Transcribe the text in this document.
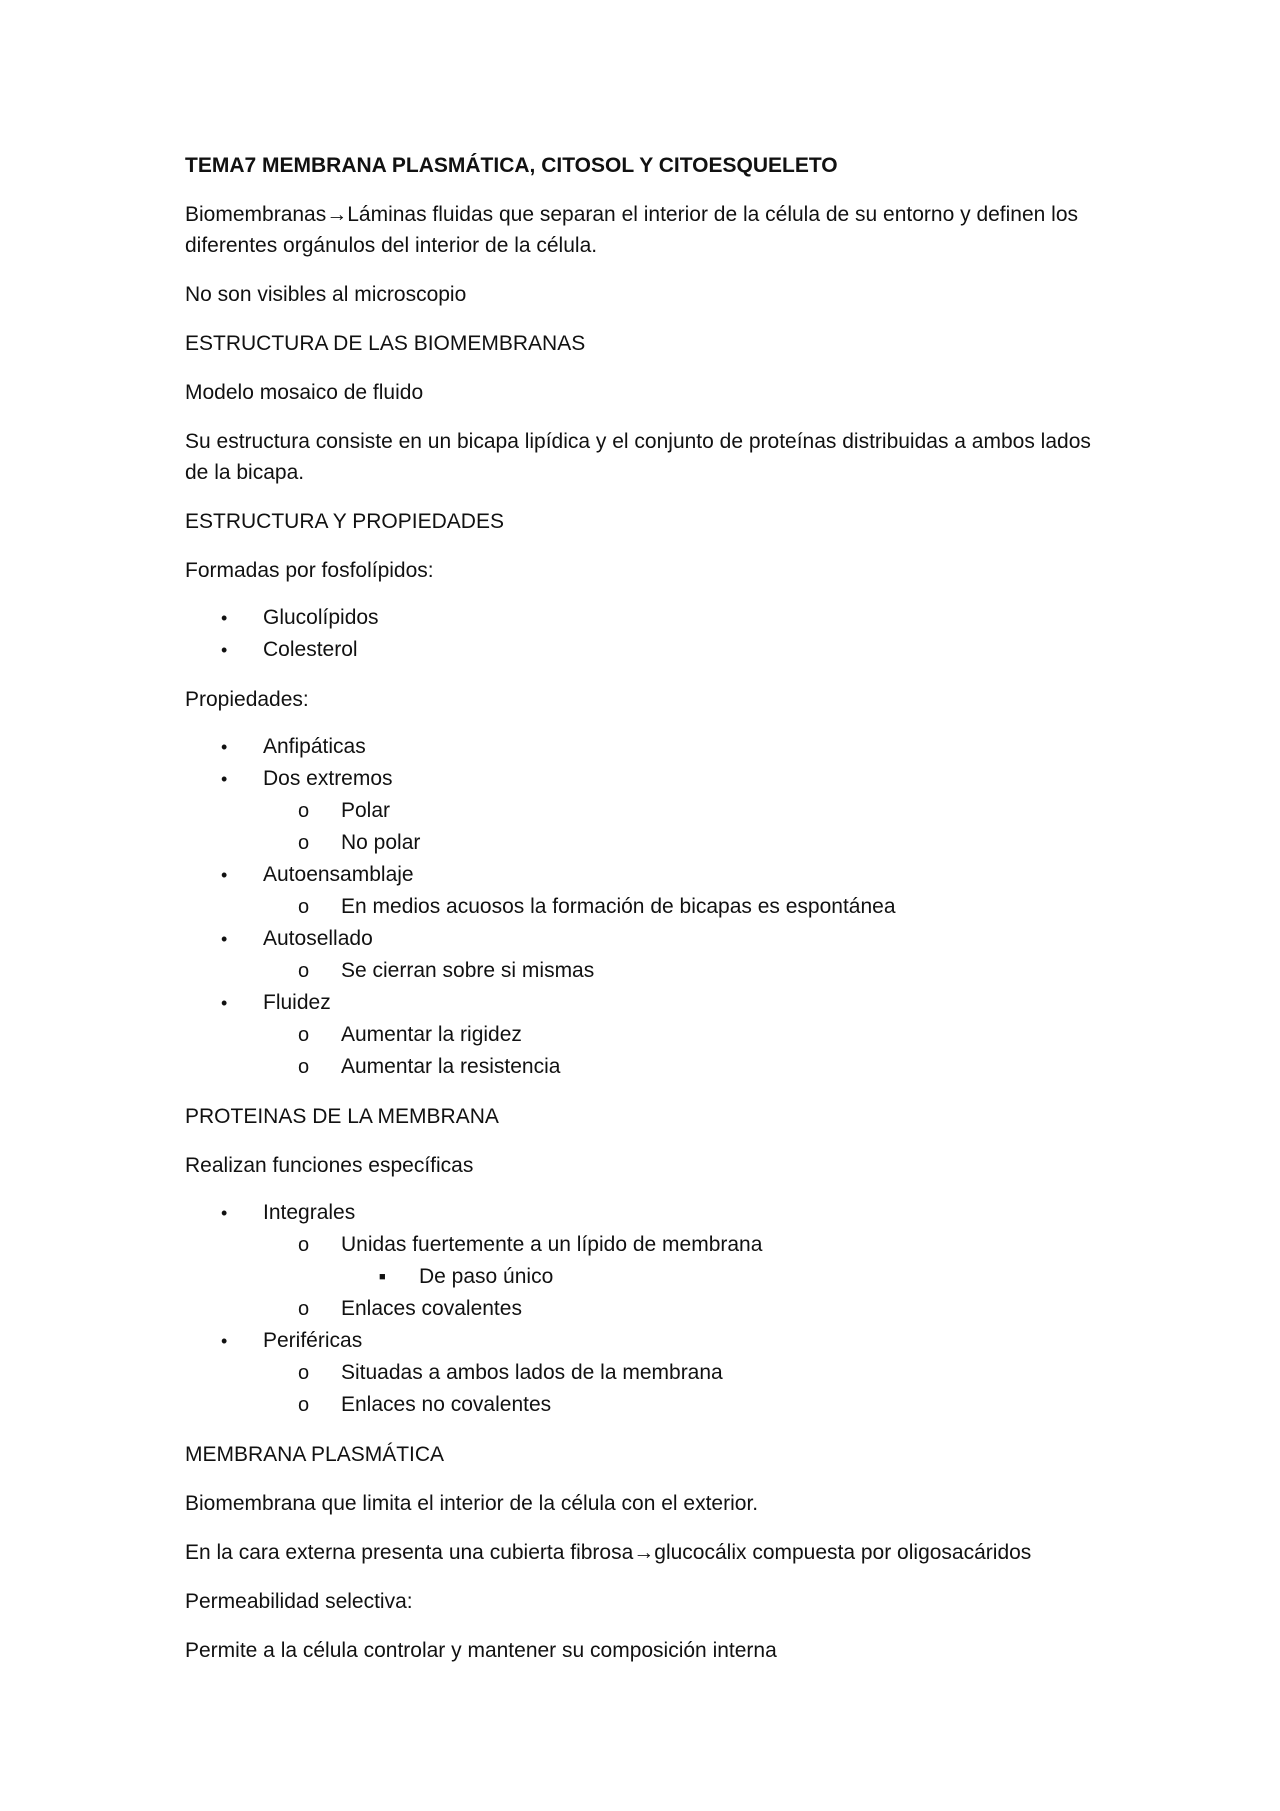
TEMA7 MEMBRANA PLASMÁTICA, CITOSOL Y CITOESQUELETO

Biomembranas→Láminas fluidas que separan el interior de la célula de su entorno y definen los diferentes orgánulos del interior de la célula.

No son visibles al microscopio

ESTRUCTURA DE LAS BIOMEMBRANAS

Modelo mosaico de fluido

Su estructura consiste en un bicapa lipídica y el conjunto de proteínas distribuidas a ambos lados de la bicapa.

ESTRUCTURA Y PROPIEDADES

Formadas por fosfolípidos:

•	Glucolípidos
•	Colesterol

Propiedades:

•	Anfipáticas
•	Dos extremos
o	Polar
o	No polar
•	Autoensamblaje
o	En medios acuosos la formación de bicapas es espontánea
•	Autosellado
o	Se cierran sobre si mismas
•	Fluidez
o	Aumentar la rigidez
o	Aumentar la resistencia

PROTEINAS DE LA MEMBRANA

Realizan funciones específicas

•	Integrales
o	Unidas fuertemente a un lípido de membrana
■	De paso único
o	Enlaces covalentes
•	Periféricas
o	Situadas a ambos lados de la membrana
o	Enlaces no covalentes

MEMBRANA PLASMÁTICA

Biomembrana que limita el interior de la célula con el exterior.

En la cara externa presenta una cubierta fibrosa→glucocálix compuesta por oligosacáridos

Permeabilidad selectiva:

Permite a la célula controlar y mantener su composición interna
